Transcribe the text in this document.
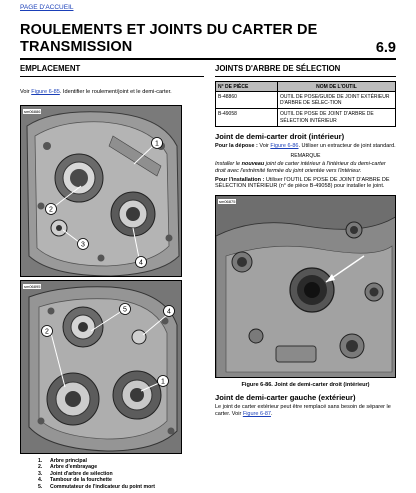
PAGE D'ACCUEIL
ROULEMENTS ET JOINTS DU CARTER DE TRANSMISSION	6.9
EMPLACEMENT
Voir Figure 6-85. Identifier le roulement/joint et le demi-carter.
1
2
3
4
sm06886
5	4
1
2
sm06895
1.	Arbre principal
2.	Arbre d'embrayage
3.	Joint d'arbre de sélection
4.	Tambour de la fourchette
5.	Commutateur de l'indicateur du point mort
JOINTS D'ARBRE DE SÉLECTION
N° DE PIÈCE	NOM DE L'OUTIL
B-48860	OUTIL DE POSE/GUIDE DE JOINT EXTÉRIEUR D'ARBRE DE SÉLEC-TION
B-49058	OUTIL DE POSE DE JOINT D'ARBRE DE SÉLECTION INTÉRIEUR
Joint de demi-carter droit (intérieur)

Pour la dépose : Voir Figure 6-86. Utiliser un extracteur de joint standard.

REMARQUE

Installer le nouveau joint de carter intérieur à l'intérieur du demi-carter droit avec l'extrémité fermée du joint orientée vers l'intérieur.

Pour l'installation : Utiliser l'OUTIL DE POSE DE JOINT D'ARBRE DE SÉLECTION INTÉRIEUR (n° de pièce B-49058) pour installer le joint.

sm06875
Figure 6-86. Joint de demi-carter droit (intérieur)
Joint de demi-carter gauche (extérieur)

Le joint de carter extérieur peut être remplacé sans besoin de séparer le carter. Voir Figure 6-87.
